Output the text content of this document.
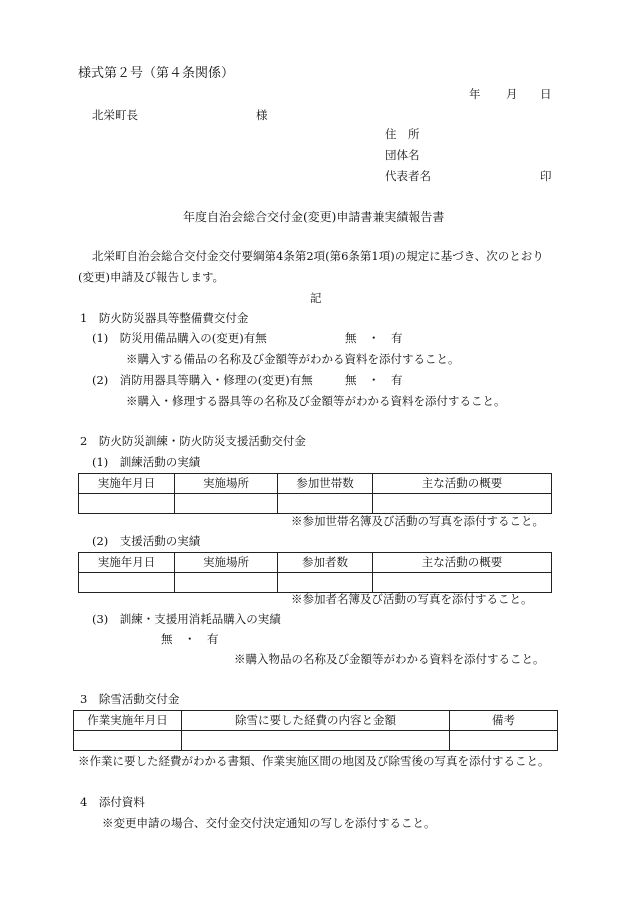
様式第２号（第４条関係）
年 月 日
北栄町長	様
住　所
団体名
代表者名	印
年度自治会総合交付金(変更)申請書兼実績報告書
北栄町自治会総合交付金交付要綱第4条第2項(第6条第1項)の規定に基づき、次のとおり
(変更)申請及び報告します。
記
1　防火防災器具等整備費交付金
(1)　防災用備品購入の(変更)有無	無　・　有
※購入する備品の名称及び金額等がわかる資料を添付すること。
(2)　消防用器具等購入・修理の(変更)有無	無　・　有
※購入・修理する器具等の名称及び金額等がわかる資料を添付すること。
2　防火防災訓練・防火防災支援活動交付金
(1)　訓練活動の実績
実施年月日	実施場所	参加世帯数	主な活動の概要

※参加世帯名簿及び活動の写真を添付すること。
(2)　支援活動の実績
実施年月日	実施場所	参加者数	主な活動の概要

※参加者名簿及び活動の写真を添付すること。
(3)　訓練・支援用消耗品購入の実績
無　・　有
※購入物品の名称及び金額等がわかる資料を添付すること。
3　除雪活動交付金
作業実施年月日	除雪に要した経費の内容と金額	備考

※作業に要した経費がわかる書類、作業実施区間の地図及び除雪後の写真を添付すること。
4　添付資料
※変更申請の場合、交付金交付決定通知の写しを添付すること。
